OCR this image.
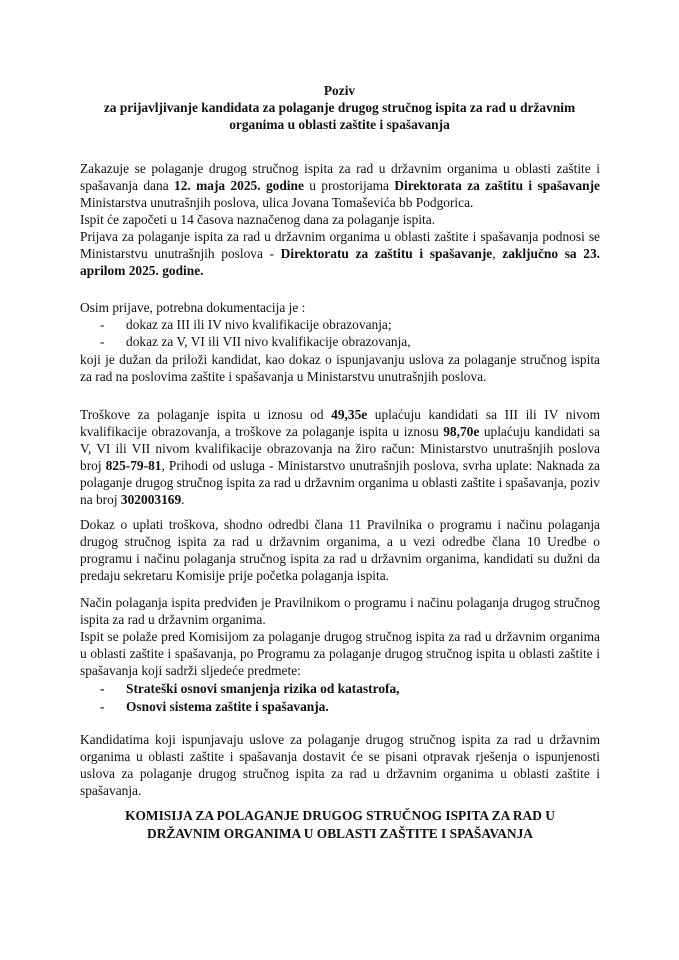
Poziv
za prijavljivanje kandidata za polaganje drugog stručnog ispita za rad u državnim
organima u oblasti zaštite i spašavanja
Zakazuje se polaganje drugog stručnog ispita za rad u državnim organima u oblasti zaštite i spašavanja dana 12. maja 2025. godine u prostorijama Direktorata za zaštitu i spašavanje Ministarstva unutrašnjih poslova, ulica Jovana Tomaševića bb Podgorica.
Ispit će započeti u 14 časova naznačenog dana za polaganje ispita.
Prijava za polaganje ispita za rad u državnim organima u oblasti zaštite i spašavanja podnosi se Ministarstvu unutrašnjih poslova - Direktoratu za zaštitu i spašavanje, zaključno sa 23. aprilom 2025. godine.
Osim prijave, potrebna dokumentacija je :
- dokaz za III ili IV nivo kvalifikacije obrazovanja;
- dokaz za V, VI ili VII nivo kvalifikacije obrazovanja,
koji je dužan da priloži kandidat, kao dokaz o ispunjavanju uslova za polaganje stručnog ispita za rad na poslovima zaštite i spašavanja u Ministarstvu unutrašnjih poslova.
Troškove za polaganje ispita u iznosu od 49,35e uplaćuju kandidati sa III ili IV nivom kvalifikacije obrazovanja, a troškove za polaganje ispita u iznosu 98,70e uplaćuju kandidati sa V, VI ili VII nivom kvalifikacije obrazovanja na žiro račun: Ministarstvo unutrašnjih poslova broj 825-79-81, Prihodi od usluga - Ministarstvo unutrašnjih poslova, svrha uplate: Naknada za polaganje drugog stručnog ispita za rad u državnim organima u oblasti zaštite i spašavanja, poziv na broj 302003169.
Dokaz o uplati troškova, shodno odredbi člana 11 Pravilnika o programu i načinu polaganja drugog stručnog ispita za rad u državnim organima, a u vezi odredbe člana 10 Uredbe o programu i načinu polaganja stručnog ispita za rad u državnim organima, kandidati su dužni da predaju sekretaru Komisije prije početka polaganja ispita.
Način polaganja ispita predviđen je Pravilnikom o programu i načinu polaganja drugog stručnog ispita za rad u državnim organima.
Ispit se polaže pred Komisijom za polaganje drugog stručnog ispita za rad u državnim organima u oblasti zaštite i spašavanja, po Programu za polaganje drugog stručnog ispita u oblasti zaštite i spašavanja koji sadrži sljedeće predmete:
- Strateški osnovi smanjenja rizika od katastrofa,
- Osnovi sistema zaštite i spašavanja.
Kandidatima koji ispunjavaju uslove za polaganje drugog stručnog ispita za rad u državnim organima u oblasti zaštite i spašavanja dostavit će se pisani otpravak rješenja o ispunjenosti uslova za polaganje drugog stručnog ispita za rad u državnim organima u oblasti zaštite i spašavanja.
KOMISIJA ZA POLAGANJE DRUGOG STRUČNOG ISPITA ZA RAD U
DRŽAVNIM ORGANIMA U OBLASTI ZAŠTITE I SPAŠAVANJA
